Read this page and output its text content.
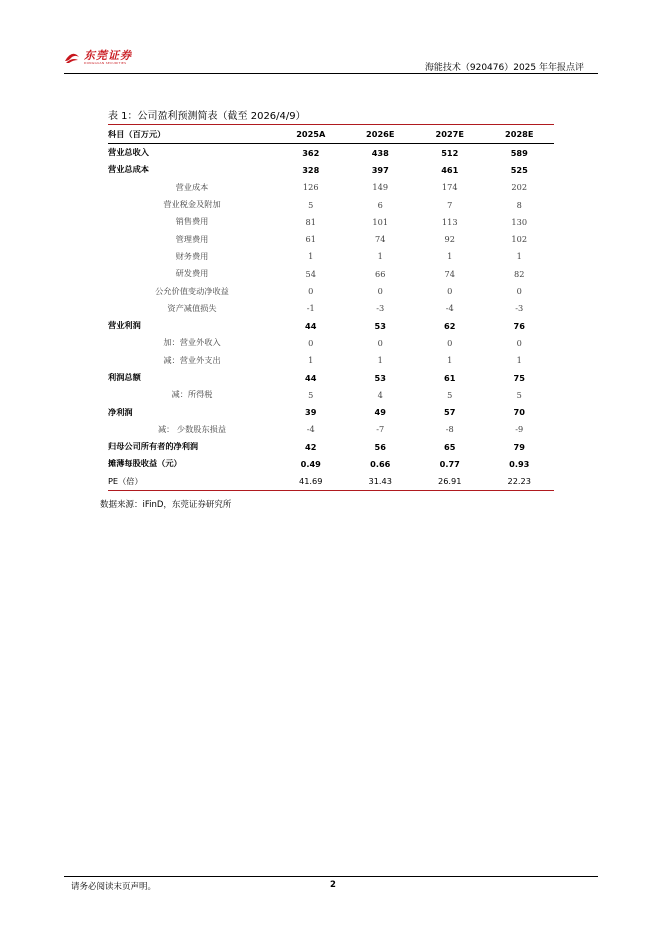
东莞证券
DONGGUAN SECURITIES	海能技术（920476）2025 年年报点评
表 1：公司盈利预测简表（截至 2026/4/9）
科目（百万元）	2025A	2026E	2027E	2028E
营业总收入	362	438	512	589
营业总成本	328	397	461	525
营业成本	126	149	174	202
营业税金及附加	5	6	7	8
销售费用	81	101	113	130
管理费用	61	74	92	102
财务费用	1	1	1	1
研发费用	54	66	74	82
公允价值变动净收益	0	0	0	0
资产减值损失	-1	-3	-4	-3
营业利润	44	53	62	76
加：营业外收入	0	0	0	0
减：营业外支出	1	1	1	1
利润总额	44	53	61	75
减：所得税	5	4	5	5
净利润	39	49	57	70
减： 少数股东损益	-4	-7	-8	-9
归母公司所有者的净利润	42	56	65	79
摊薄每股收益（元）	0.49	0.66	0.77	0.93
PE（倍）	41.69	31.43	26.91	22.23
数据来源：iFinD，东莞证券研究所
请务必阅读末页声明。	2
